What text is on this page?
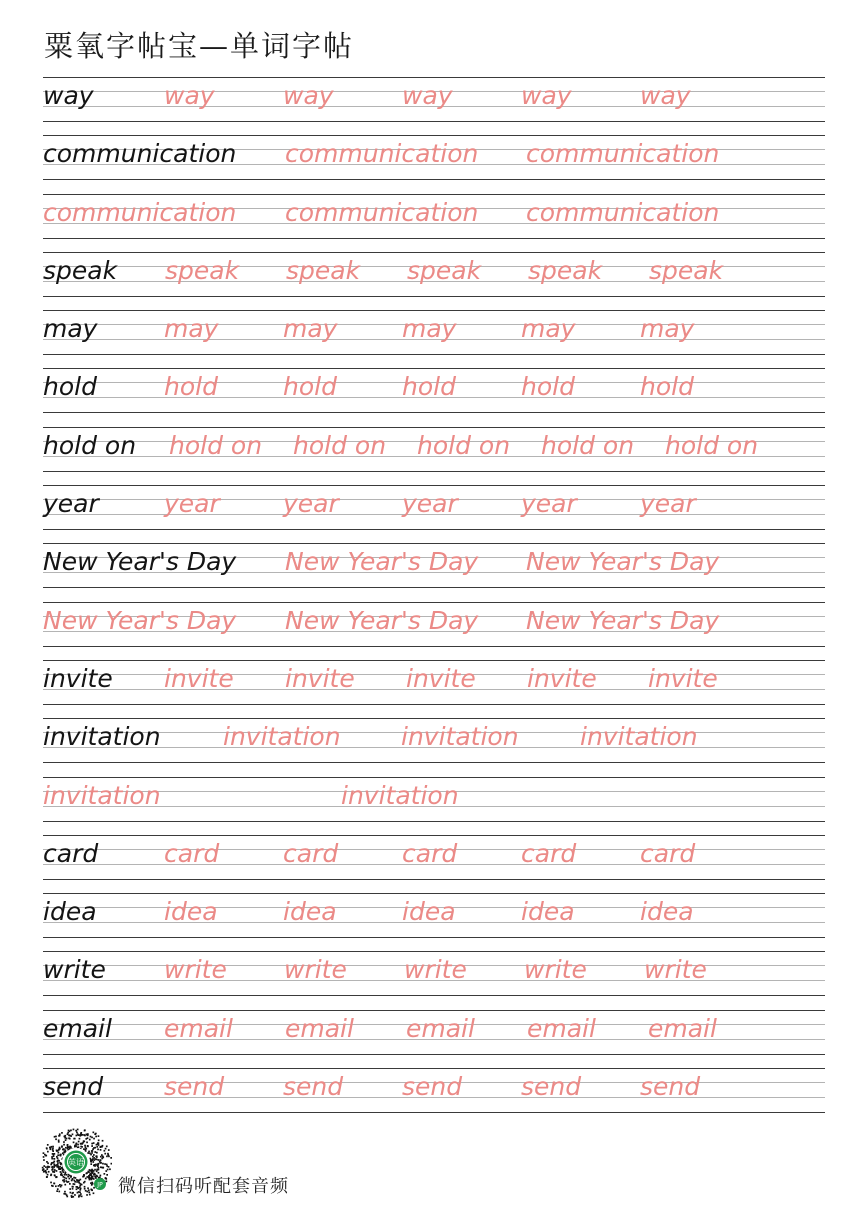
粟氧字帖宝—单词字帖
way	way	way	way	way	way
communication communication communication
communication communication communication
speak speak speak speak speak speak
may	may	may	may	may	may
hold	hold	hold	hold	hold	hold
hold on hold on hold on hold on hold on hold on
year	year	year	year	year	year
New Year's Day New Year's Day New Year's Day
New Year's Day New Year's Day New Year's Day
invite invite invite invite invite invite
invitation invitation invitation invitation
invitation	invitation
card	card	card	card	card	card
idea	idea	idea	idea	idea	idea
write write write write write write
email email email email email email
send send send send send send
英语
JP 微信扫码听配套音频
